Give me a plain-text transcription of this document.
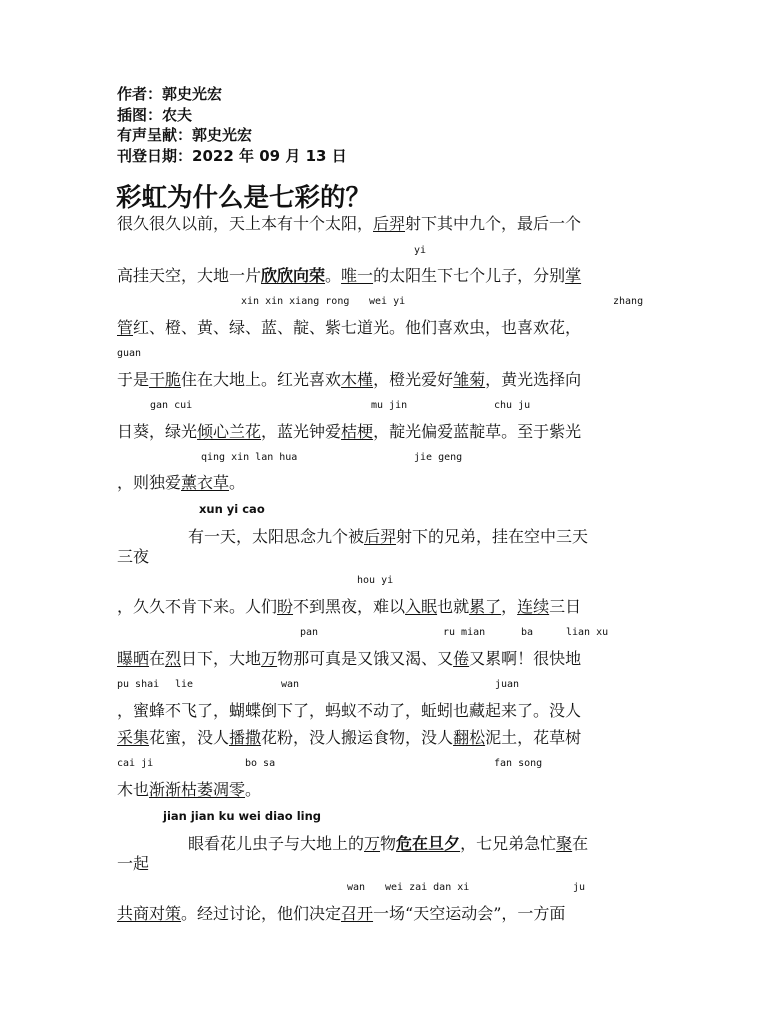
作者：郭史光宏
插图：农夫
有声呈献：郭史光宏
刊登日期：2022 年 09 月 13 日
彩虹为什么是七彩的？
很久很久以前，天上本有十个太阳，后羿射下其中九个，最后一个
yi
高挂天空，大地一片欣欣向荣。唯一的太阳生下七个儿子，分别掌
xin xin xiang rong wei yi	zhang
管红、橙、黄、绿、蓝、靛、紫七道光。他们喜欢虫，也喜欢花，
guan
于是干脆住在大地上。红光喜欢木槿，橙光爱好雏菊，黄光选择向
gan cui	mu jin	chu ju
日葵，绿光倾心兰花，蓝光钟爱桔梗，靛光偏爱蓝靛草。至于紫光
qing xin lan hua	jie geng
，则独爱薰衣草。
xun yi cao
有一天，太阳思念九个被后羿射下的兄弟，挂在空中三天
三夜
hou yi
，久久不肯下来。人们盼不到黑夜，难以入眠也就累了，连续三日
pan	ru mian	ba	lian xu
曝晒在烈日下，大地万物那可真是又饿又渴、又倦又累啊！很快地
pu shai lie	wan	juan
，蜜蜂不飞了，蝴蝶倒下了，蚂蚁不动了，蚯蚓也藏起来了。没人
采集花蜜，没人播撒花粉，没人搬运食物，没人翻松泥土，花草树
cai ji	bo sa	fan song
木也渐渐枯萎凋零。
jian jian ku wei diao ling
眼看花儿虫子与大地上的万物危在旦夕，七兄弟急忙聚在
一起
wan wei zai dan xi	ju
共商对策。经过讨论，他们决定召开一场“天空运动会”，一方面
